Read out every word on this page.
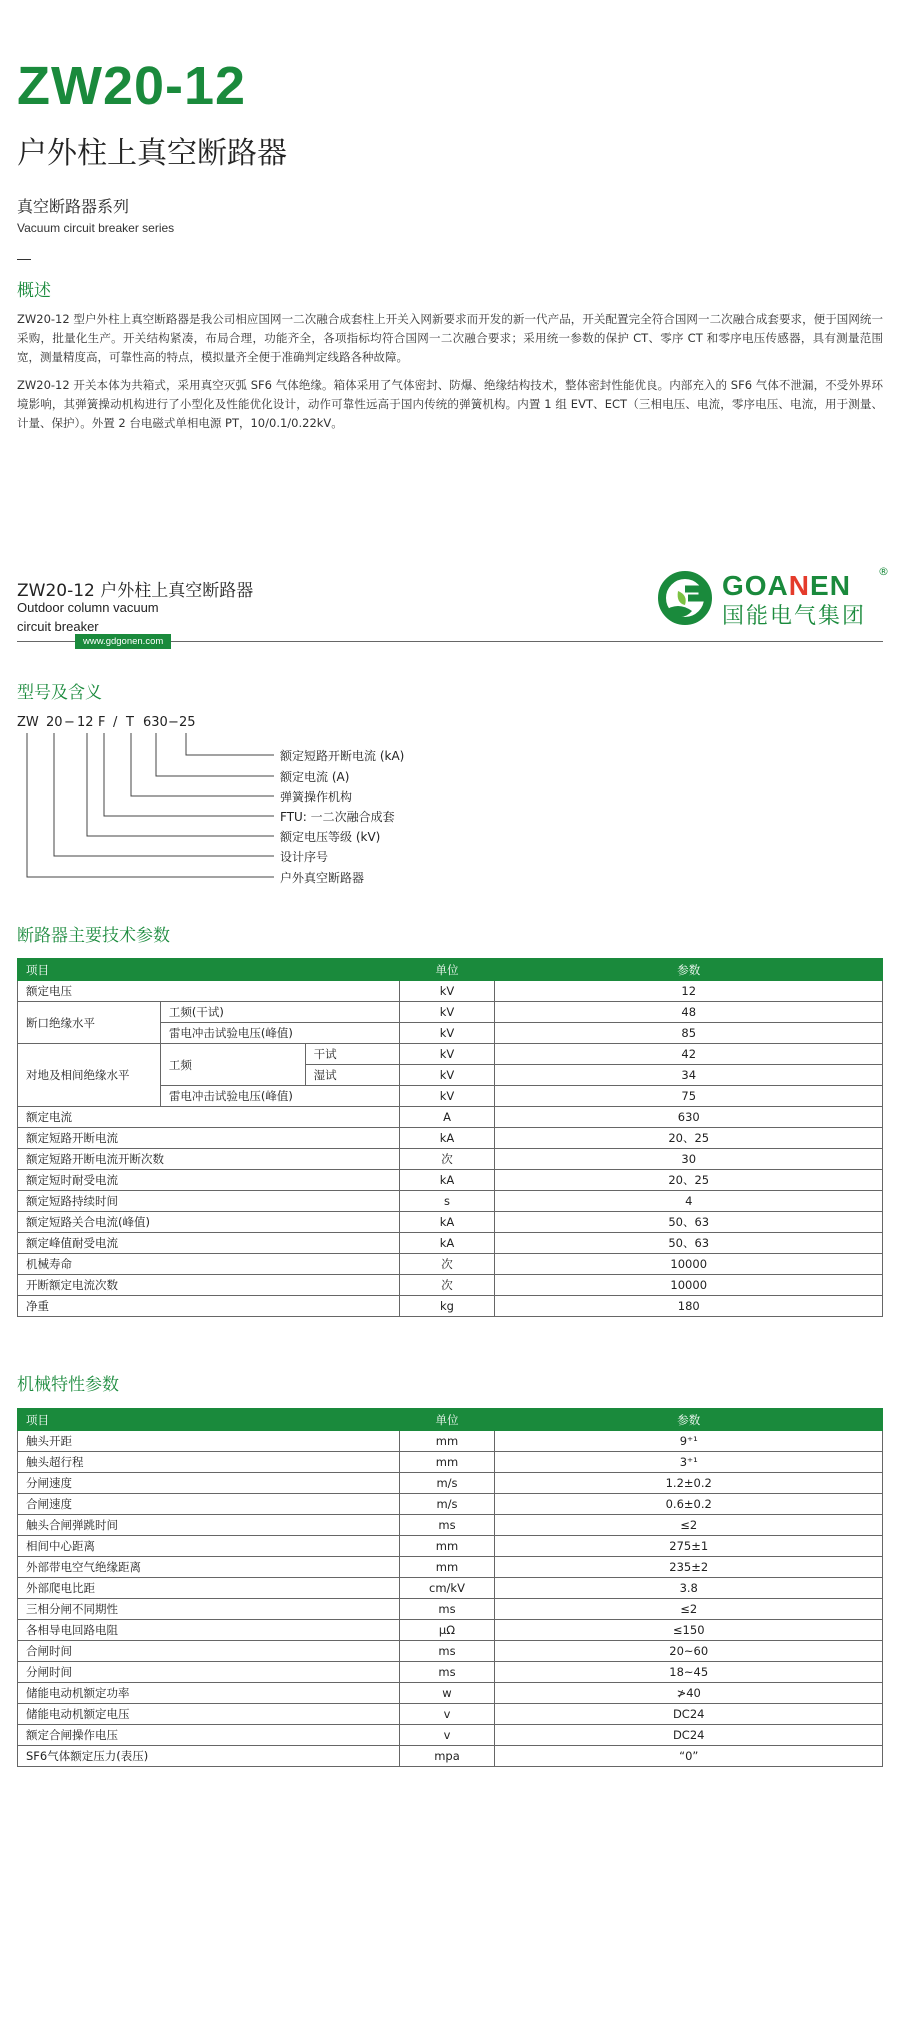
ZW20-12
户外柱上真空断路器
真空断路器系列
Vacuum circuit breaker series
概述
ZW20-12 型户外柱上真空断路器是我公司相应国网一二次融合成套柱上开关入网新要求而开发的新一代产品，开关配置完全符合国网一二次融合成套要求，便于国网统一采购，批量化生产。开关结构紧凑，布局合理，功能齐全，各项指标均符合国网一二次融合要求；采用统一参数的保护 CT、零序 CT 和零序电压传感器，具有测量范围宽，测量精度高，可靠性高的特点，模拟量齐全便于准确判定线路各种故障。
ZW20-12 开关本体为共箱式，采用真空灭弧 SF6 气体绝缘。箱体采用了气体密封、防爆、绝缘结构技术，整体密封性能优良。内部充入的 SF6 气体不泄漏，不受外界环境影响，其弹簧操动机构进行了小型化及性能优化设计，动作可靠性远高于国内传统的弹簧机构。内置 1 组 EVT、ECT（三相电压、电流，零序电压、电流，用于测量、计量、保护）。外置 2 台电磁式单相电源 PT，10/0.1/0.22kV。
ZW20-12 户外柱上真空断路器
Outdoor column vacuum
circuit breaker
www.gdgonen.com
GOANEN
国能电气集团
®
型号及含义
ZW 20 − 12 F / T 630 − 25
额定短路开断电流 (kA)
额定电流 (A)
弹簧操作机构
FTU: 一二次融合成套
额定电压等级 (kV)
设计序号
户外真空断路器
断路器主要技术参数
项目			单位	参数
额定电压			kV	12
断口绝缘水平	工频(干试)		kV	48
	雷电冲击试验电压(峰值)		kV	85
对地及相间绝缘水平	工频	干试	kV	42
		湿试	kV	34
	雷电冲击试验电压(峰值)		kV	75
额定电流			A	630
额定短路开断电流			kA	20、25
额定短路开断电流开断次数			次	30
额定短时耐受电流			kA	20、25
额定短路持续时间			s	4
额定短路关合电流(峰值)			kA	50、63
额定峰值耐受电流			kA	50、63
机械寿命			次	10000
开断额定电流次数			次	10000
净重			kg	180
机械特性参数
项目	单位	参数
触头开距	mm	9⁺¹
触头超行程	mm	3⁺¹
分闸速度	m/s	1.2±0.2
合闸速度	m/s	0.6±0.2
触头合闸弹跳时间	ms	≤2
相间中心距离	mm	275±1
外部带电空气绝缘距离	mm	235±2
外部爬电比距	cm/kV	3.8
三相分闸不同期性	ms	≤2
各相导电回路电阻	μΩ	≤150
合闸时间	ms	20~60
分闸时间	ms	18~45
储能电动机额定功率	w	≯40
储能电动机额定电压	v	DC24
额定合闸操作电压	v	DC24
SF6气体额定压力(表压)	mpa	“0”
